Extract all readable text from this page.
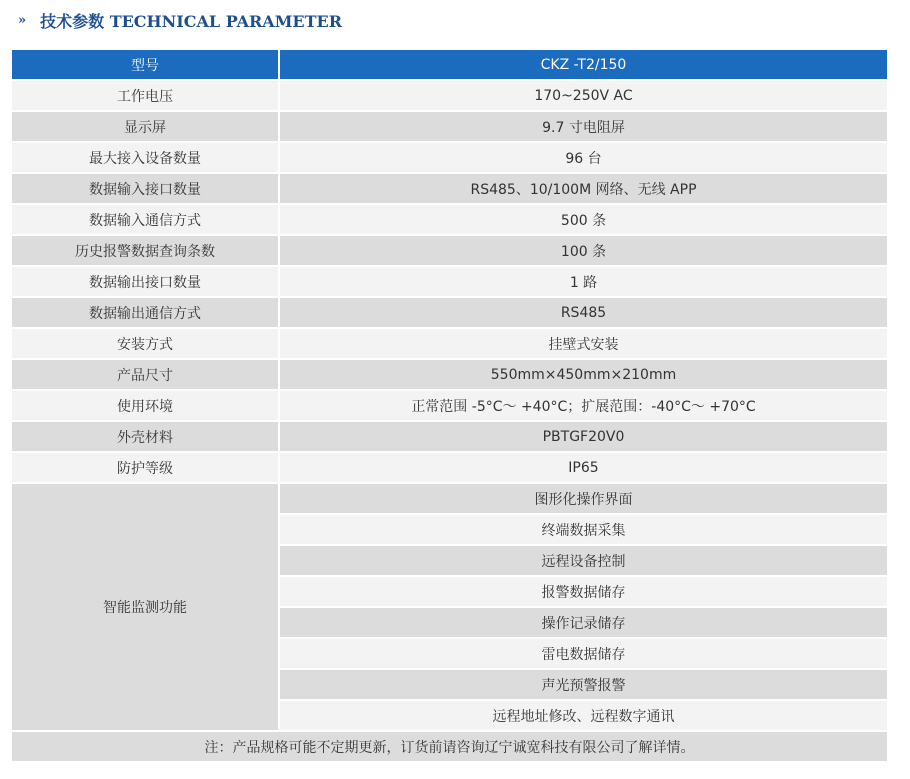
» 技术参数 TECHNICAL PARAMETER
型号	CKZ -T2/150
工作电压	170~250V AC
显示屏	9.7 寸电阻屏
最大接入设备数量	96 台
数据输入接口数量	RS485、10/100M 网络、无线 APP
数据输入通信方式	500 条
历史报警数据查询条数	100 条
数据输出接口数量	1 路
数据输出通信方式	RS485
安装方式	挂壁式安装
产品尺寸	550mm×450mm×210mm
使用环境	正常范围 -5°C～ +40°C；扩展范围：-40°C～ +70°C
外壳材料	PBTGF20V0
防护等级	IP65
智能监测功能	图形化操作界面
	终端数据采集
	远程设备控制
	报警数据储存
	操作记录储存
	雷电数据储存
	声光预警报警
	远程地址修改、远程数字通讯
注：产品规格可能不定期更新，订货前请咨询辽宁诚宽科技有限公司了解详情。	
